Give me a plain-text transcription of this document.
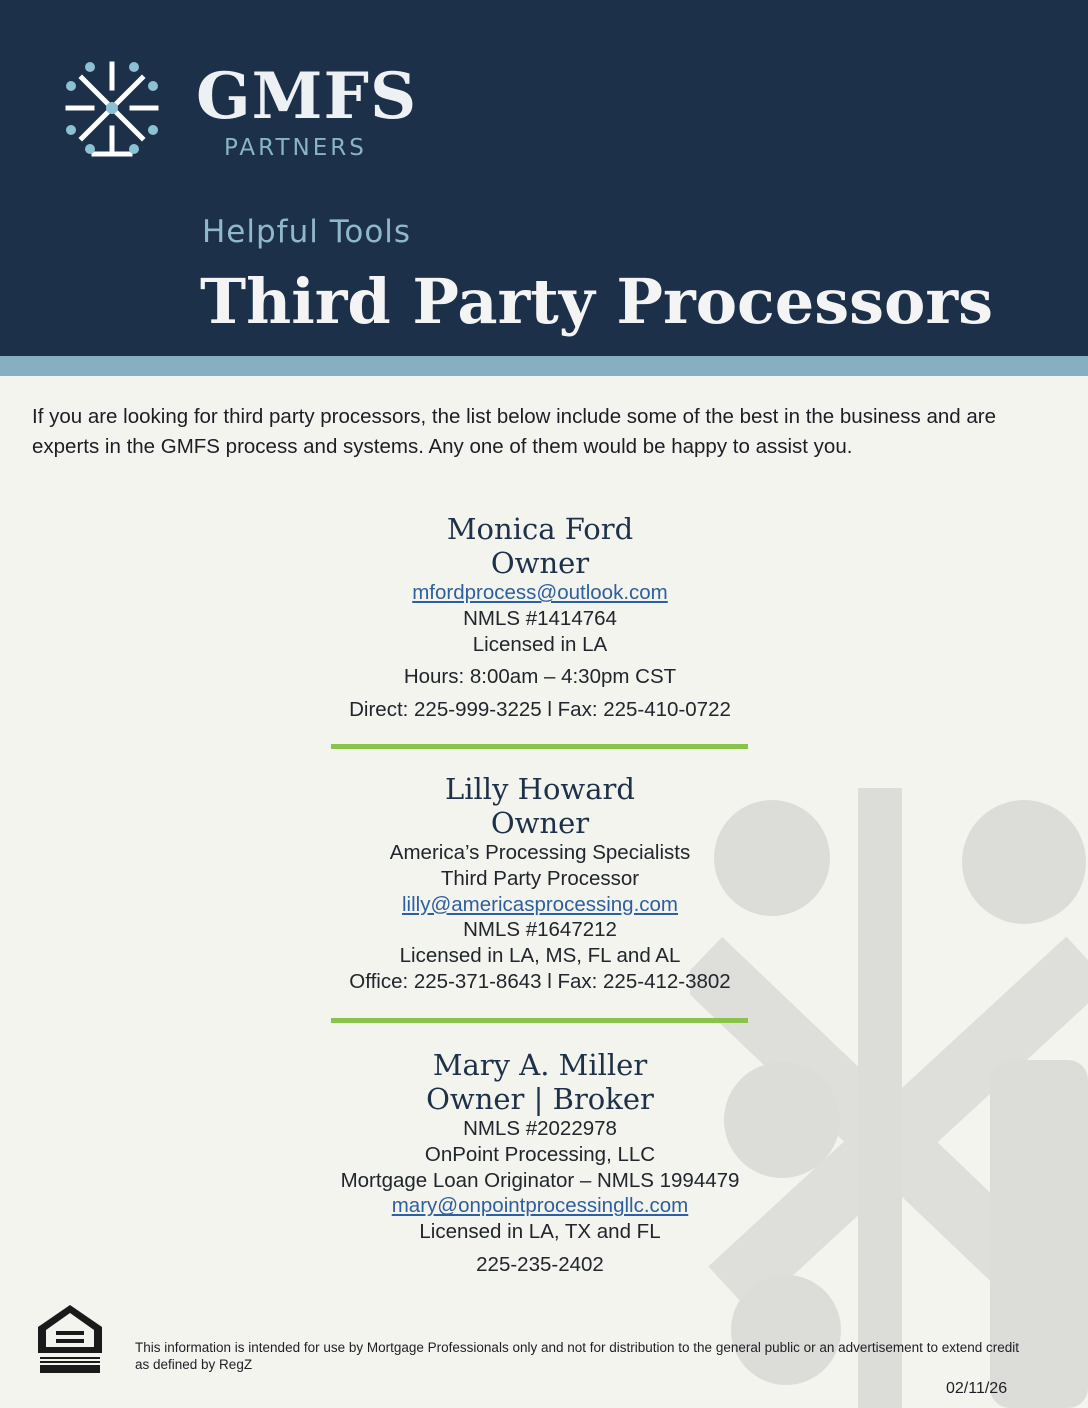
GMFS
PARTNERS
Helpful Tools
Third Party Processors

If you are looking for third party processors, the list below include some of the best in the business and are experts in the GMFS process and systems. Any one of them would be happy to assist you.

Monica Ford
Owner
mfordprocess@outlook.com
NMLS #1414764
Licensed in LA
Hours: 8:00am – 4:30pm CST
Direct: 225-999-3225 l Fax: 225-410-0722
Lilly Howard
Owner
America’s Processing Specialists
Third Party Processor
lilly@americasprocessing.com
NMLS #1647212
Licensed in LA, MS, FL and AL
Office: 225-371-8643 l Fax: 225-412-3802
Mary A. Miller
Owner | Broker
NMLS #2022978
OnPoint Processing, LLC
Mortgage Loan Originator – NMLS 1994479
mary@onpointprocessingllc.com
Licensed in LA, TX and FL
225-235-2402

This information is intended for use by Mortgage Professionals only and not for distribution to the general public or an advertisement to extend credit as defined by RegZ

02/11/26
